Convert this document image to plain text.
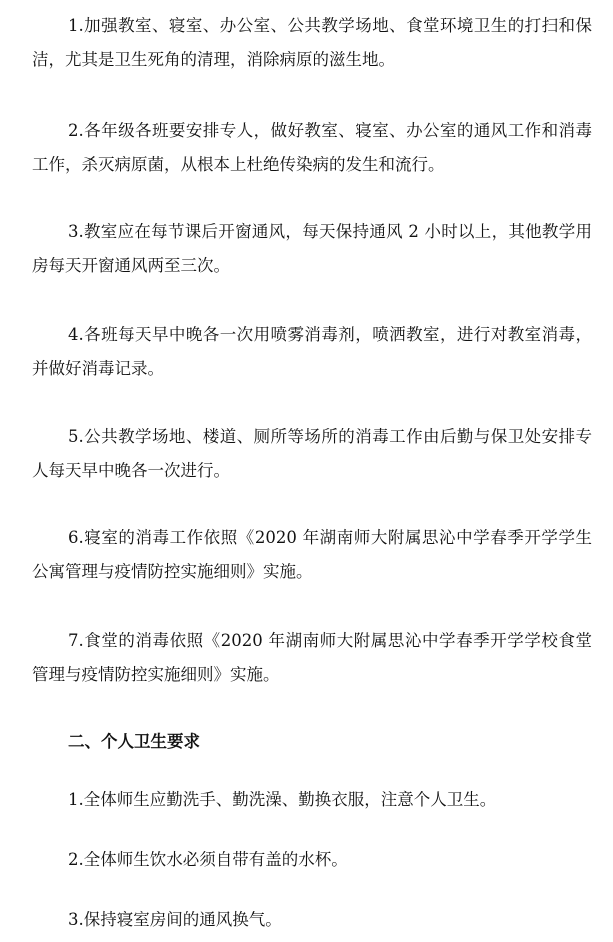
1.加强教室、寝室、办公室、公共教学场地、食堂环境卫生的打扫和保洁，尤其是卫生死角的清理，消除病原的滋生地。

2.各年级各班要安排专人，做好教室、寝室、办公室的通风工作和消毒工作，杀灭病原菌，从根本上杜绝传染病的发生和流行。

3.教室应在每节课后开窗通风，每天保持通风 2 小时以上，其他教学用房每天开窗通风两至三次。

4.各班每天早中晚各一次用喷雾消毒剂，喷洒教室，进行对教室消毒，并做好消毒记录。

5.公共教学场地、楼道、厕所等场所的消毒工作由后勤与保卫处安排专人每天早中晚各一次进行。

6.寝室的消毒工作依照《2020 年湖南师大附属思沁中学春季开学学生公寓管理与疫情防控实施细则》实施。

7.食堂的消毒依照《2020 年湖南师大附属思沁中学春季开学学校食堂管理与疫情防控实施细则》实施。

二、个人卫生要求

1.全体师生应勤洗手、勤洗澡、勤换衣服，注意个人卫生。

2.全体师生饮水必须自带有盖的水杯。

3.保持寝室房间的通风换气。
